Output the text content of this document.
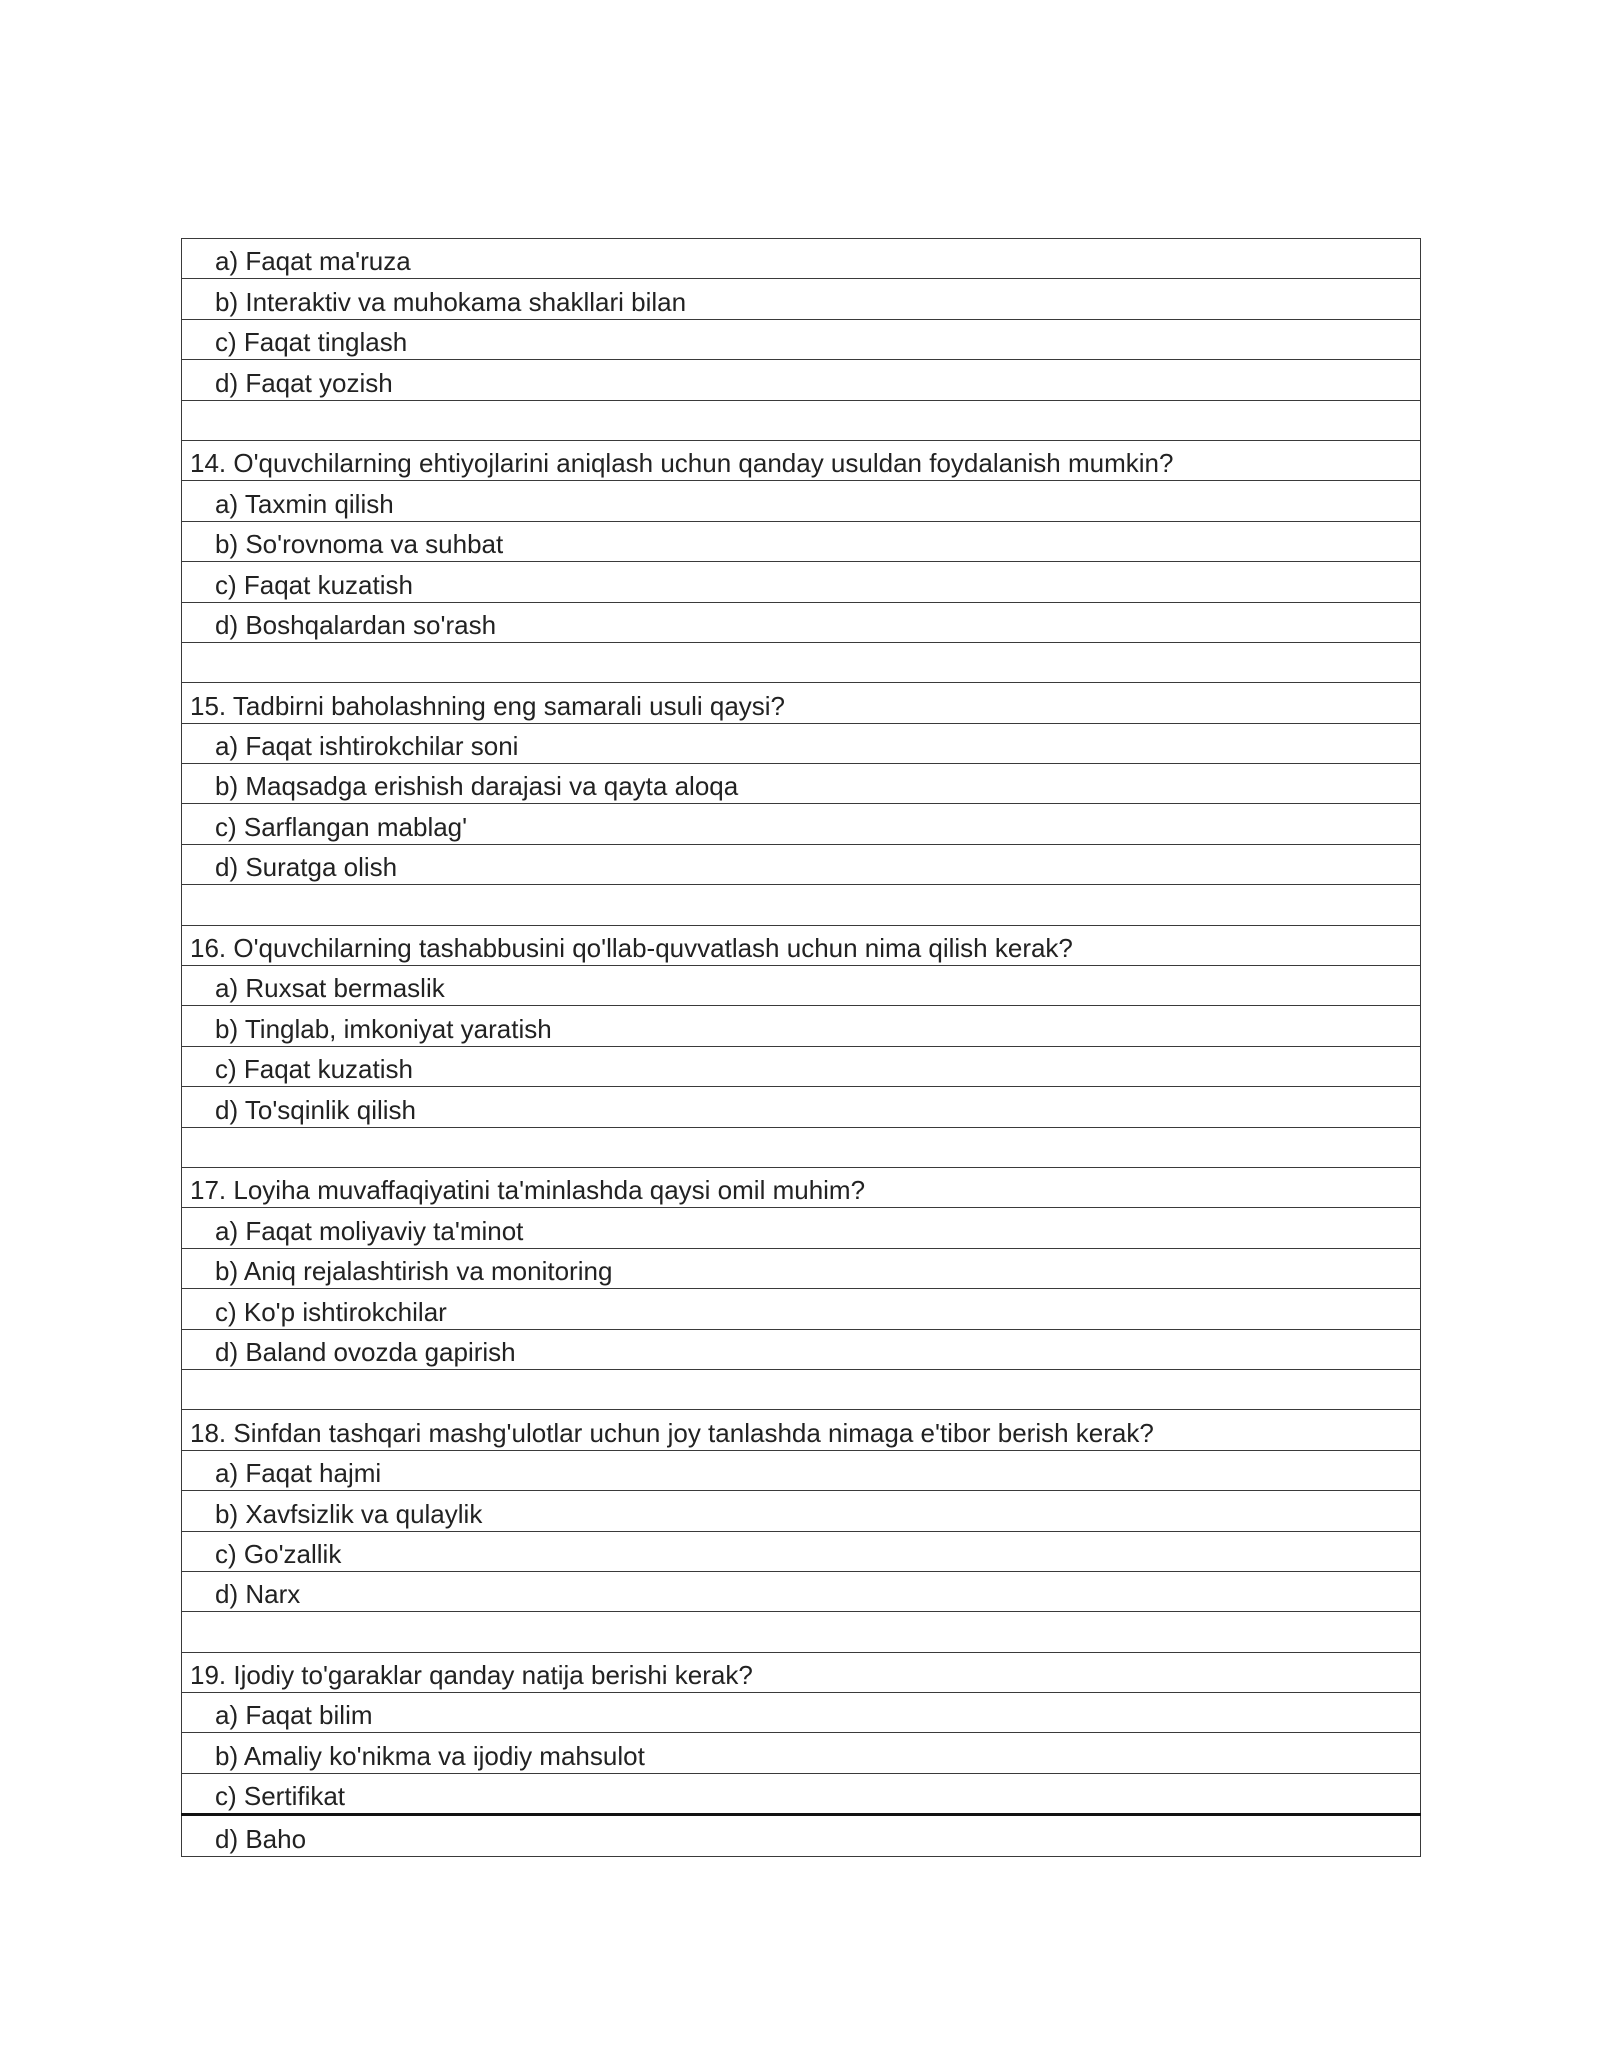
a) Faqat ma'ruza
b) Interaktiv va muhokama shakllari bilan
c) Faqat tinglash
d) Faqat yozish

14. O'quvchilarning ehtiyojlarini aniqlash uchun qanday usuldan foydalanish mumkin?
a) Taxmin qilish
b) So'rovnoma va suhbat
c) Faqat kuzatish
d) Boshqalardan so'rash

15. Tadbirni baholashning eng samarali usuli qaysi?
a) Faqat ishtirokchilar soni
b) Maqsadga erishish darajasi va qayta aloqa
c) Sarflangan mablag'
d) Suratga olish

16. O'quvchilarning tashabbusini qo'llab-quvvatlash uchun nima qilish kerak?
a) Ruxsat bermaslik
b) Tinglab, imkoniyat yaratish
c) Faqat kuzatish
d) To'sqinlik qilish

17. Loyiha muvaffaqiyatini ta'minlashda qaysi omil muhim?
a) Faqat moliyaviy ta'minot
b) Aniq rejalashtirish va monitoring
c) Ko'p ishtirokchilar
d) Baland ovozda gapirish

18. Sinfdan tashqari mashg'ulotlar uchun joy tanlashda nimaga e'tibor berish kerak?
a) Faqat hajmi
b) Xavfsizlik va qulaylik
c) Go'zallik
d) Narx

19. Ijodiy to'garaklar qanday natija berishi kerak?
a) Faqat bilim
b) Amaliy ko'nikma va ijodiy mahsulot
c) Sertifikat
d) Baho
